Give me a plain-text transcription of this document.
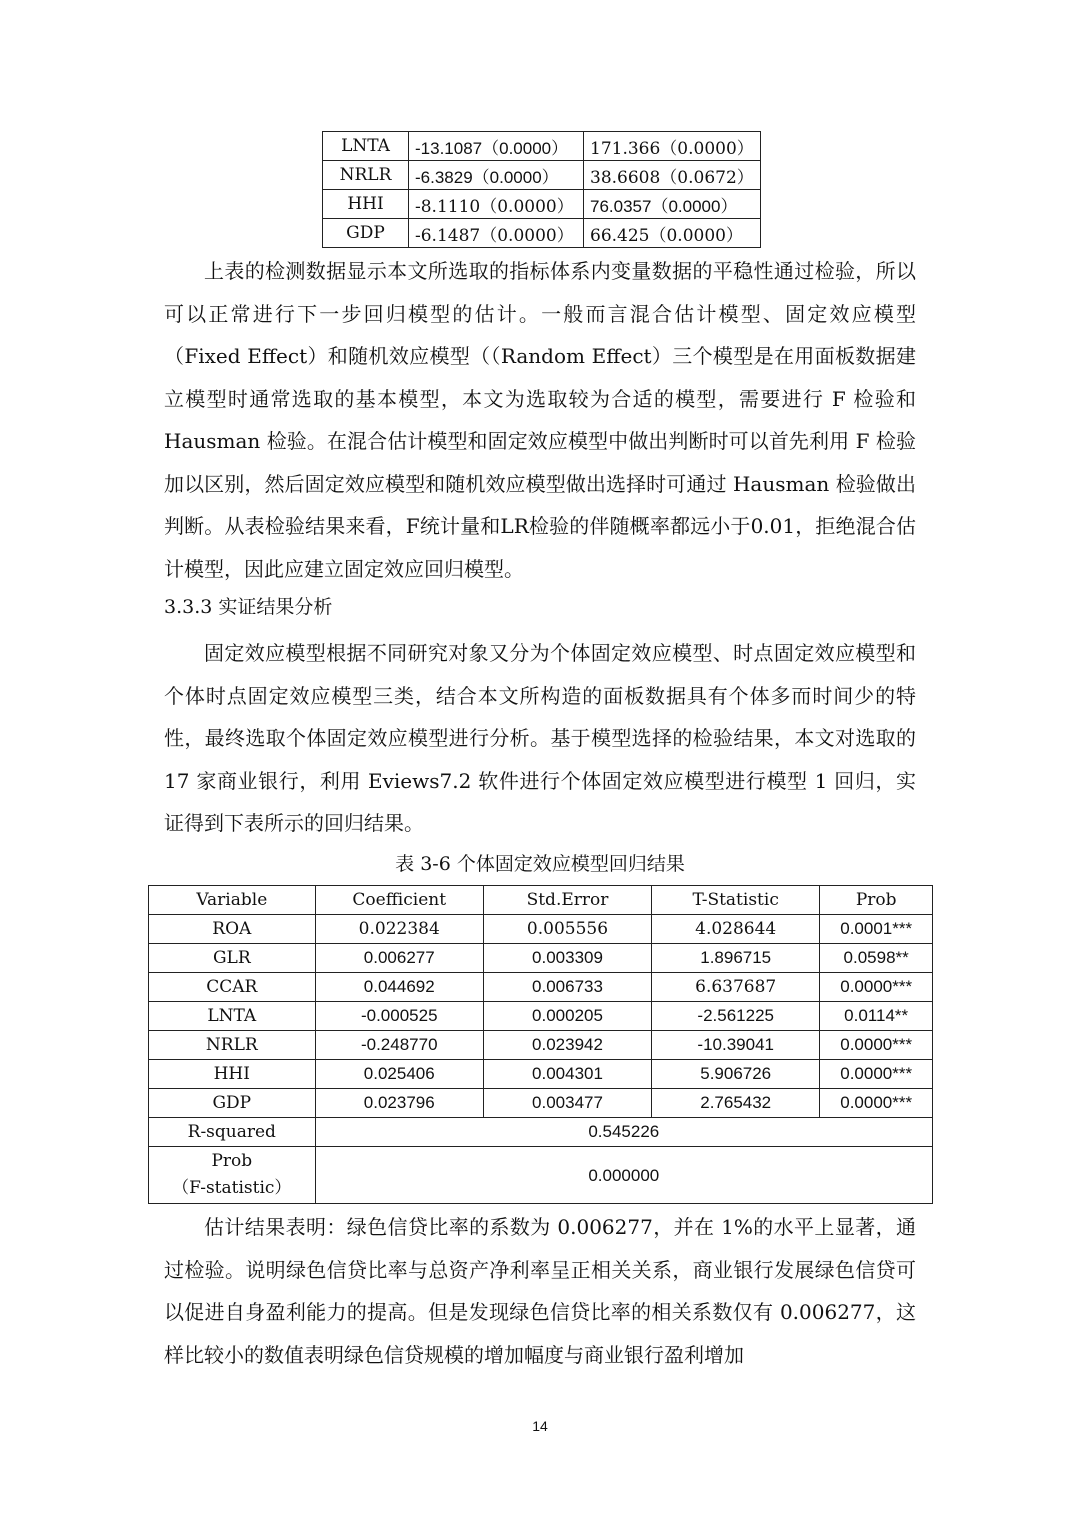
LNTA	-13.1087（0.0000）	171.366（0.0000）
NRLR	-6.3829（0.0000）	38.6608（0.0672）
HHI	-8.1110（0.0000）	76.0357（0.0000）
GDP	-6.1487（0.0000）	66.425（0.0000）

上表的检测数据显示本文所选取的指标体系内变量数据的平稳性通过检验，所以可以正常进行下一步回归模型的估计。一般而言混合估计模型、固定效应模型（Fixed Effect）和随机效应模型（（Random Effect）三个模型是在用面板数据建立模型时通常选取的基本模型，本文为选取较为合适的模型，需要进行 F 检验和 Hausman 检验。在混合估计模型和固定效应模型中做出判断时可以首先利用 F 检验加以区别，然后固定效应模型和随机效应模型做出选择时可通过 Hausman 检验做出判断。从表检验结果来看，F统计量和LR检验的伴随概率都远小于0.01，拒绝混合估计模型，因此应建立固定效应回归模型。

3.3.3 实证结果分析

固定效应模型根据不同研究对象又分为个体固定效应模型、时点固定效应模型和个体时点固定效应模型三类，结合本文所构造的面板数据具有个体多而时间少的特性，最终选取个体固定效应模型进行分析。基于模型选择的检验结果，本文对选取的 17 家商业银行，利用 Eviews7.2 软件进行个体固定效应模型进行模型 1 回归，实证得到下表所示的回归结果。

表 3-6 个体固定效应模型回归结果
Variable	Coefficient	Std.Error	T-Statistic	Prob
ROA	0.022384	0.005556	4.028644	0.0001***
GLR	0.006277	0.003309	1.896715	0.0598**
CCAR	0.044692	0.006733	6.637687	0.0000***
LNTA	-0.000525	0.000205	-2.561225	0.0114**
NRLR	-0.248770	0.023942	-10.39041	0.0000***
HHI	0.025406	0.004301	5.906726	0.0000***
GDP	0.023796	0.003477	2.765432	0.0000***
R-squared	0.545226			
Prob
（F-statistic）	0.000000			

估计结果表明：绿色信贷比率的系数为 0.006277，并在 1%的水平上显著，通过检验。说明绿色信贷比率与总资产净利率呈正相关关系，商业银行发展绿色信贷可以促进自身盈利能力的提高。但是发现绿色信贷比率的相关系数仅有 0.006277，这样比较小的数值表明绿色信贷规模的增加幅度与商业银行盈利增加

14
